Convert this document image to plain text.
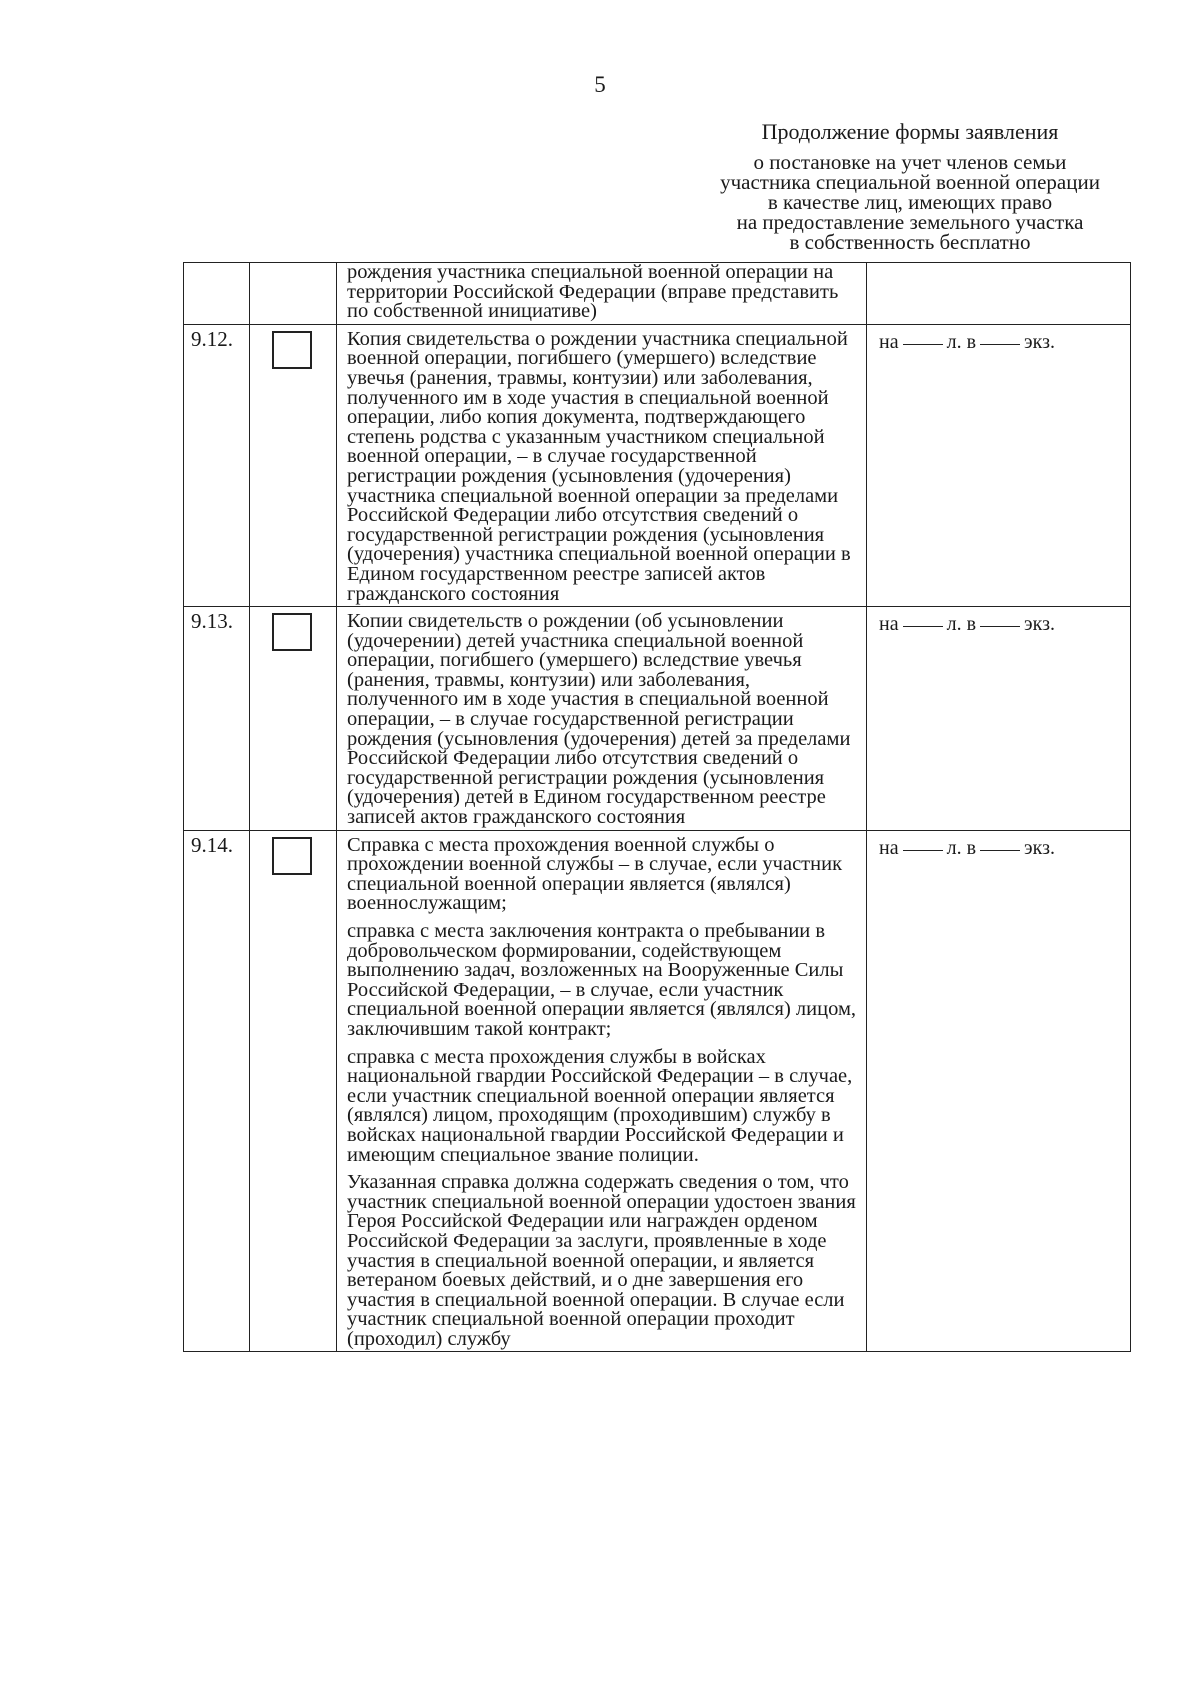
5
Продолжение формы заявления
о постановке на учет членов семьи
участника специальной военной операции
в качестве лиц, имеющих право
на предоставление земельного участка
в собственность бесплатно

		рождения участника специальной военной операции на территории Российской Федерации (вправе представить по собственной инициативе)	

9.12.		Копия свидетельства о рождении участника специальной военной операции, погибшего (умершего) вследствие увечья (ранения, травмы, контузии) или заболевания, полученного им в ходе участия в специальной военной операции, либо копия документа, подтверждающего степень родства с указанным участником специальной военной операции, – в случае государственной регистрации рождения (усыновления (удочерения) участника специальной военной операции за пределами Российской Федерации либо отсутствия сведений о государственной регистрации рождения (усыновления (удочерения) участника специальной военной операции в Едином государственном реестре записей актов гражданского состояния	на л. в экз.

9.13.		Копии свидетельств о рождении (об усыновлении (удочерении) детей участника специальной военной операции, погибшего (умершего) вследствие увечья (ранения, травмы, контузии) или заболевания, полученного им в ходе участия в специальной военной операции, – в случае государственной регистрации рождения (усыновления (удочерения) детей за пределами Российской Федерации либо отсутствия сведений о государственной регистрации рождения (усыновления (удочерения) детей в Едином государственном реестре записей актов гражданского состояния	на л. в экз.

9.14.		Справка с места прохождения военной службы о прохождении военной службы – в случае, если участник специальной военной операции является (являлся) военнослужащим;

справка с места заключения контракта о пребывании в добровольческом формировании, содействующем выполнению задач, возложенных на Вооруженные Силы Российской Федерации, – в случае, если участник специальной военной операции является (являлся) лицом, заключившим такой контракт;

справка с места прохождения службы в войсках национальной гвардии Российской Федерации – в случае, если участник специальной военной операции является (являлся) лицом, проходящим (проходившим) службу в войсках национальной гвардии Российской Федерации и имеющим специальное звание полиции.

Указанная справка должна содержать сведения о том, что участник специальной военной операции удостоен звания Героя Российской Федерации или награжден орденом Российской Федерации за заслуги, проявленные в ходе участия в специальной военной операции, и является ветераном боевых действий, и о дне завершения его участия в специальной военной операции. В случае если участник специальной военной операции проходит (проходил) службу	на л. в экз.
